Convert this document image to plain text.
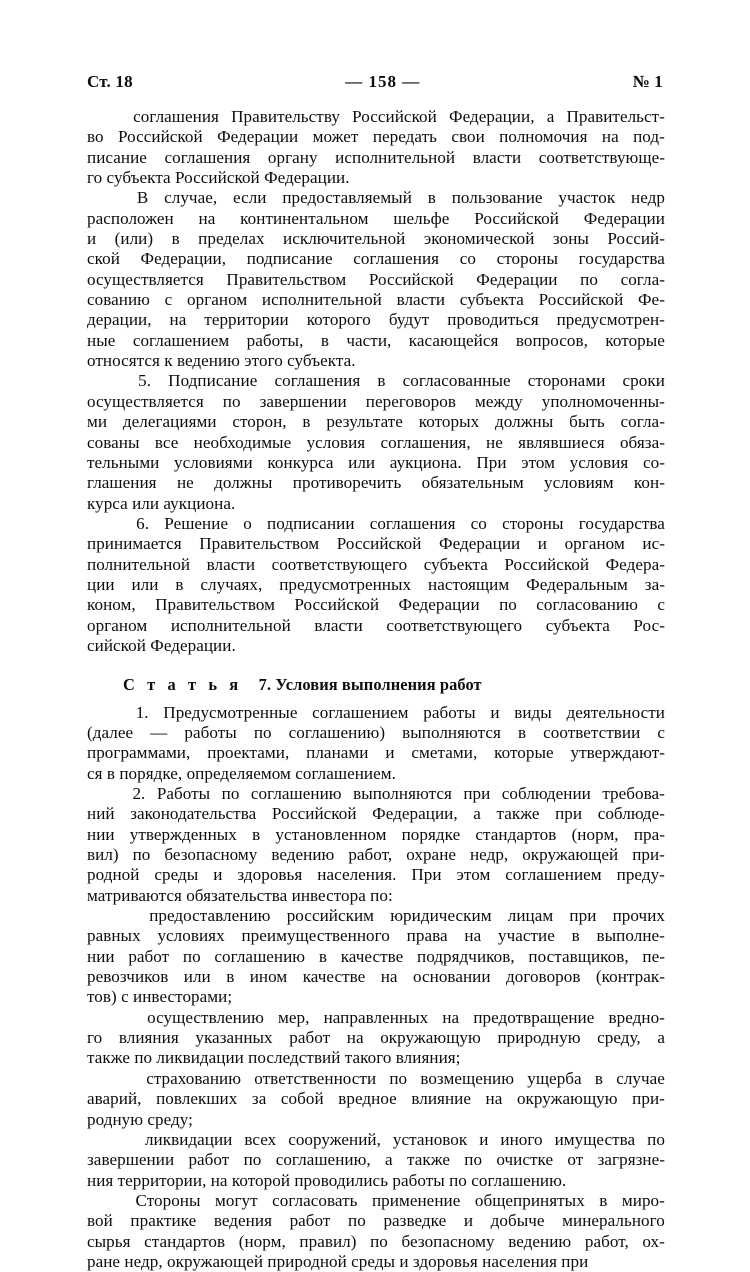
Ст. 18	— 158 —	№ 1
соглашения Правительству Российской Федерации, а Правительст-
во Российской Федерации может передать свои полномочия на под-
писание соглашения органу исполнительной власти соответствующе-
го субъекта Российской Федерации.
В случае, если предоставляемый в пользование участок недр
расположен на континентальном шельфе Российской Федерации
и (или) в пределах исключительной экономической зоны Россий-
ской Федерации, подписание соглашения со стороны государства
осуществляется Правительством Российской Федерации по согла-
сованию с органом исполнительной власти субъекта Российской Фе-
дерации, на территории которого будут проводиться предусмотрен-
ные соглашением работы, в части, касающейся вопросов, которые
относятся к ведению этого субъекта.
5. Подписание соглашения в согласованные сторонами сроки
осуществляется по завершении переговоров между уполномоченны-
ми делегациями сторон, в результате которых должны быть согла-
сованы все необходимые условия соглашения, не являвшиеся обяза-
тельными условиями конкурса или аукциона. При этом условия со-
глашения не должны противоречить обязательным условиям кон-
курса или аукциона.
6. Решение о подписании соглашения со стороны государства
принимается Правительством Российской Федерации и органом ис-
полнительной власти соответствующего субъекта Российской Федера-
ции или в случаях, предусмотренных настоящим Федеральным за-
коном, Правительством Российской Федерации по согласованию с
органом исполнительной власти соответствующего субъекта Рос-
сийской Федерации.
С т а т ь я  7. Условия выполнения работ
1. Предусмотренные соглашением работы и виды деятельности
(далее — работы по соглашению) выполняются в соответствии с
программами, проектами, планами и сметами, которые утверждают-
ся в порядке, определяемом соглашением.
2. Работы по соглашению выполняются при соблюдении требова-
ний законодательства Российской Федерации, а также при соблюде-
нии утвержденных в установленном порядке стандартов (норм, пра-
вил) по безопасному ведению работ, охране недр, окружающей при-
родной среды и здоровья населения. При этом соглашением преду-
матриваются обязательства инвестора по:
предоставлению российским юридическим лицам при прочих
равных условиях преимущественного права на участие в выполне-
нии работ по соглашению в качестве подрядчиков, поставщиков, пе-
ревозчиков или в ином качестве на основании договоров (контрак-
тов) с инвесторами;
осуществлению мер, направленных на предотвращение вредно-
го влияния указанных работ на окружающую природную среду, а
также по ликвидации последствий такого влияния;
страхованию ответственности по возмещению ущерба в случае
аварий, повлекших за собой вредное влияние на окружающую при-
родную среду;
ликвидации всех сооружений, установок и иного имущества по
завершении работ по соглашению, а также по очистке от загрязне-
ния территории, на которой проводились работы по соглашению.
Стороны могут согласовать применение общепринятых в миро-
вой практике ведения работ по разведке и добыче минерального
сырья стандартов (норм, правил) по безопасному ведению работ, ох-
ране недр, окружающей природной среды и здоровья населения при
